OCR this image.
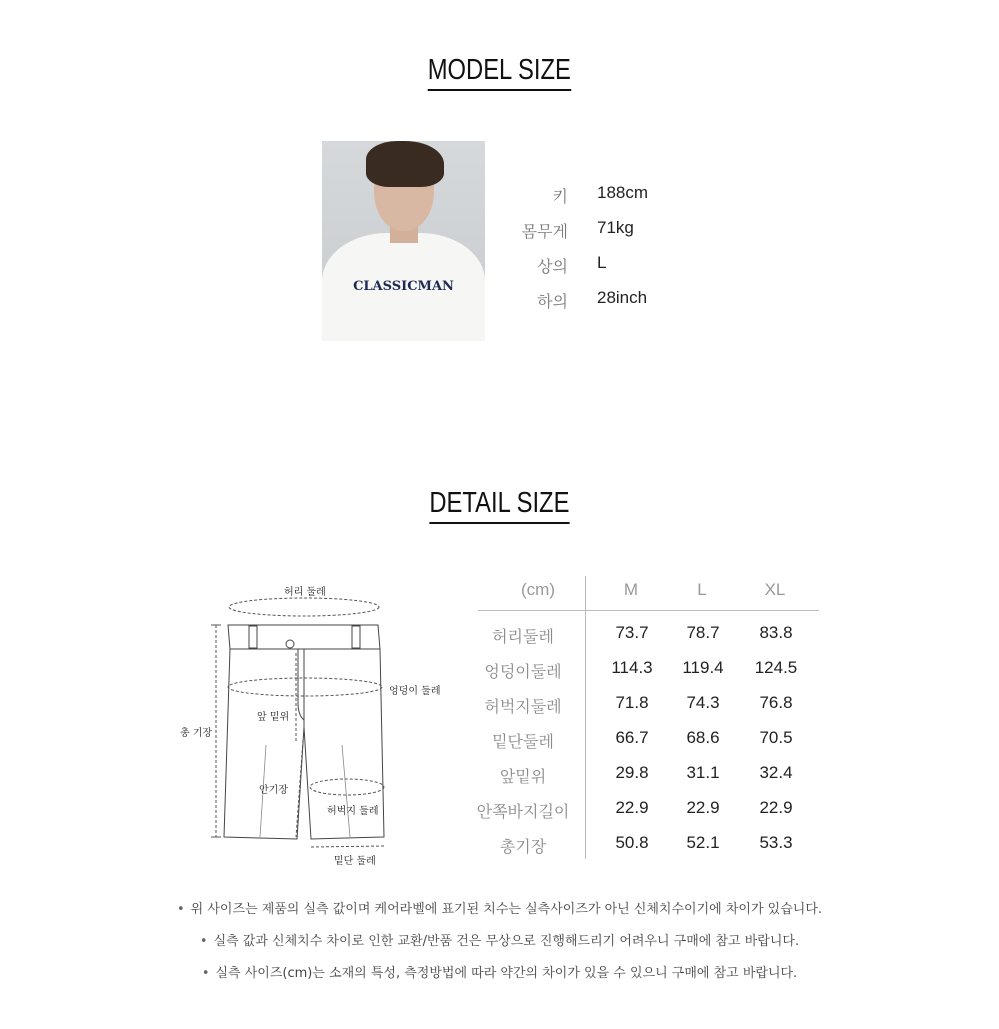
MODEL SIZE
CLASSICMAN
키 188cm
몸무게 71kg
상의 L
하의 28inch
DETAIL SIZE
허리 둘레
엉덩이 둘레
총 기장
앞 밑위
안기장
허벅지 둘레
밑단 둘레
(cm)	M	L	XL
허리둘레	73.7	78.7	83.8
엉덩이둘레	114.3	119.4	124.5
허벅지둘레	71.8	74.3	76.8
밑단둘레	66.7	68.6	70.5
앞밑위	29.8	31.1	32.4
안쪽바지길이	22.9	22.9	22.9
총기장	50.8	52.1	53.3
• 위 사이즈는 제품의 실측 값이며 케어라벨에 표기된 치수는 실측사이즈가 아닌 신체치수이기에 차이가 있습니다.
• 실측 값과 신체치수 차이로 인한 교환/반품 건은 무상으로 진행해드리기 어려우니 구매에 참고 바랍니다.
• 실측 사이즈(cm)는 소재의 특성, 측정방법에 따라 약간의 차이가 있을 수 있으니 구매에 참고 바랍니다.
